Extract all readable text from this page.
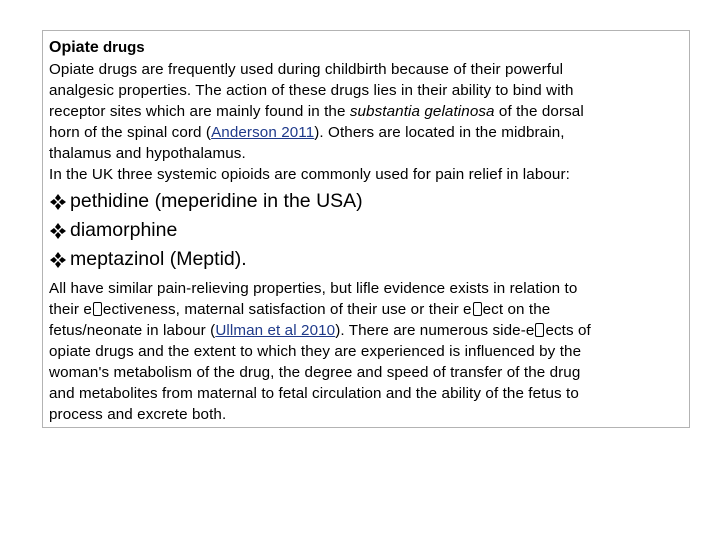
Opiate drugs

Opiate drugs are frequently used during childbirth because of their powerful
analgesic properties. The action of these drugs lies in their ability to bind with
receptor sites which are mainly found in the substantia gelatinosa of the dorsal
horn of the spinal cord (Anderson 2011). Others are located in the midbrain,
thalamus and hypothalamus.
In the UK three systemic opioids are commonly used for pain relief in labour:

pethidine (meperidine in the USA)
diamorphine
meptazinol (Meptid).

All have similar pain-relieving properties, but lifle evidence exists in relation to
their e ectiveness, maternal satisfaction of their use or their e ect on the
fetus/neonate in labour (Ullman et al 2010). There are numerous side-e ects of
opiate drugs and the extent to which they are experienced is influenced by the
woman's metabolism of the drug, the degree and speed of transfer of the drug
and metabolites from maternal to fetal circulation and the ability of the fetus to
process and excrete both.
